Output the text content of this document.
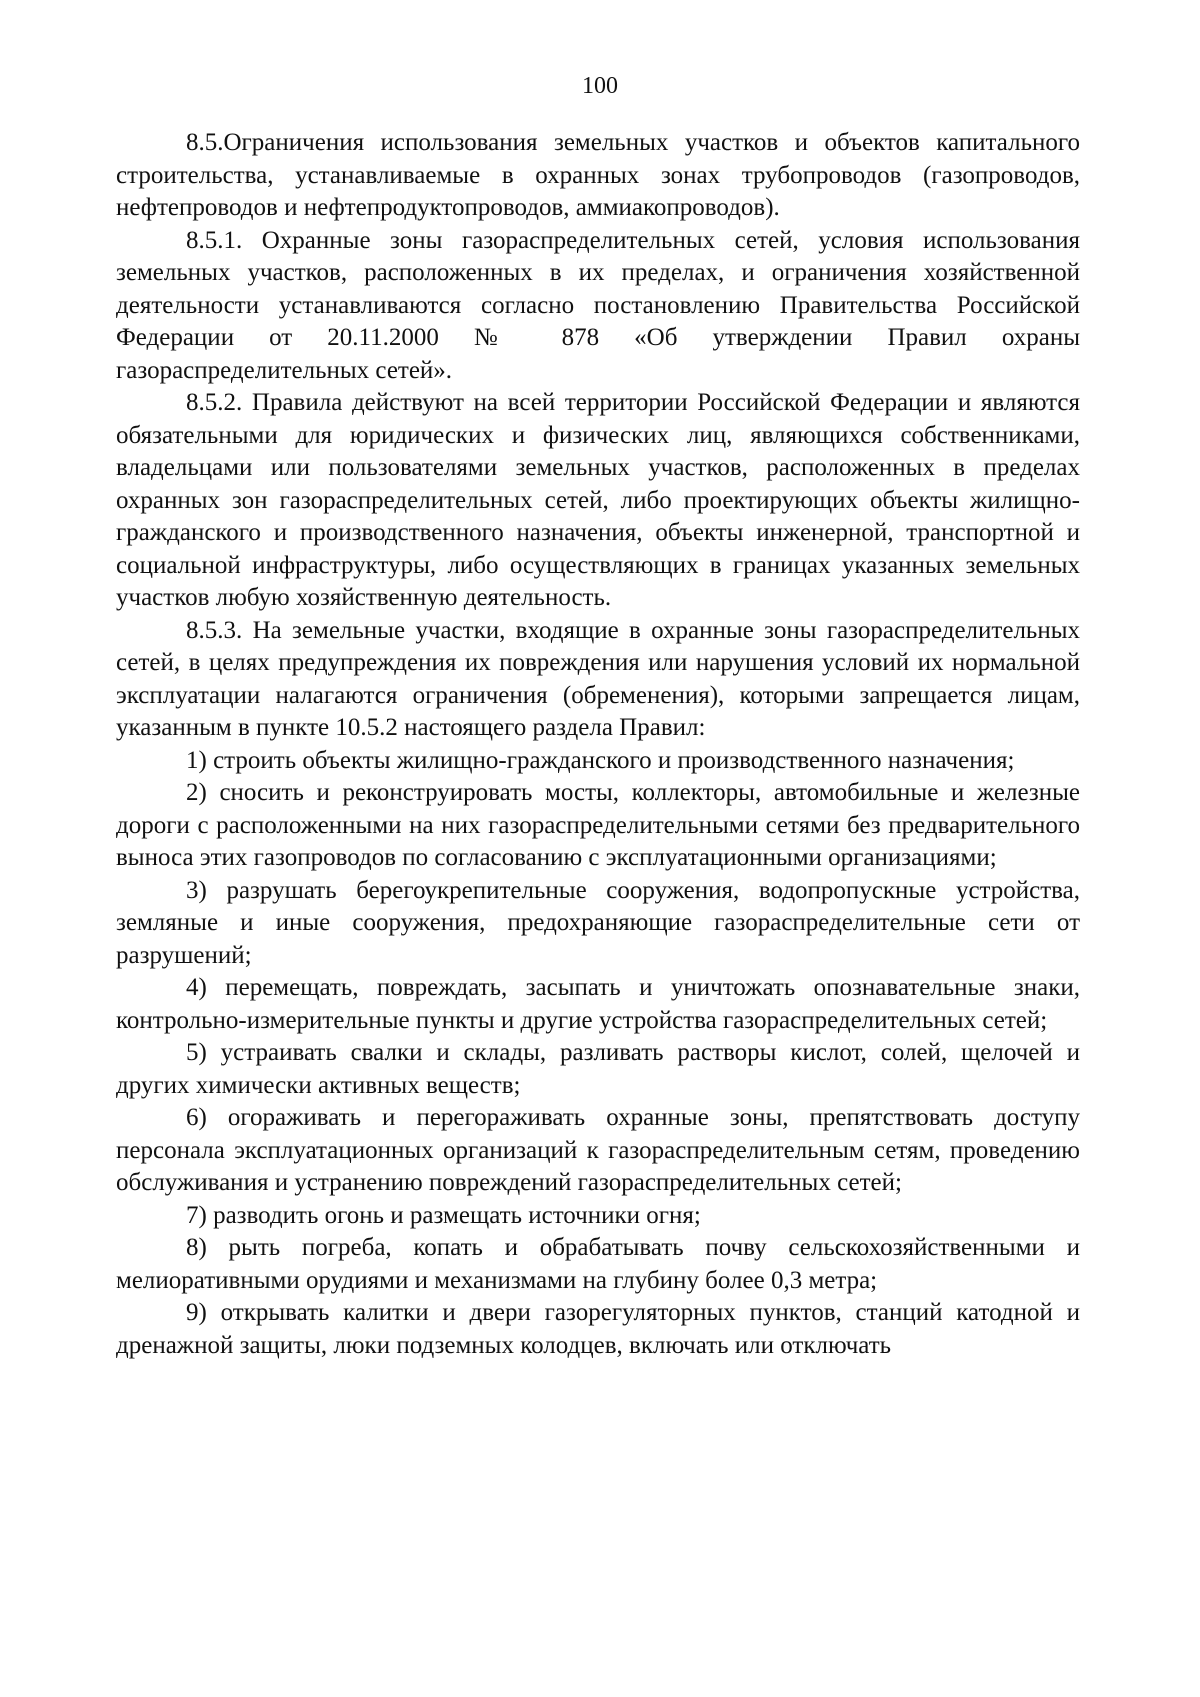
100

8.5.Ограничения использования земельных участков и объектов капитального строительства, устанавливаемые в охранных зонах трубопроводов (газопроводов, нефтепроводов и нефтепродуктопроводов, аммиакопроводов).

8.5.1. Охранные зоны газораспределительных сетей, условия использования земельных участков, расположенных в их пределах, и ограничения хозяйственной деятельности устанавливаются согласно постановлению Правительства Российской Федерации от 20.11.2000 № 878 «Об утверждении Правил охраны газораспределительных сетей».

8.5.2. Правила действуют на всей территории Российской Федерации и являются обязательными для юридических и физических лиц, являющихся собственниками, владельцами или пользователями земельных участков, расположенных в пределах охранных зон газораспределительных сетей, либо проектирующих объекты жилищно-гражданского и производственного назначения, объекты инженерной, транспортной и социальной инфраструктуры, либо осуществляющих в границах указанных земельных участков любую хозяйственную деятельность.

8.5.3. На земельные участки, входящие в охранные зоны газораспределительных сетей, в целях предупреждения их повреждения или нарушения условий их нормальной эксплуатации налагаются ограничения (обременения), которыми запрещается лицам, указанным в пункте 10.5.2 настоящего раздела Правил:

1) строить объекты жилищно-гражданского и производственного назначения;

2) сносить и реконструировать мосты, коллекторы, автомобильные и железные дороги с расположенными на них газораспределительными сетями без предварительного выноса этих газопроводов по согласованию с эксплуатационными организациями;

3) разрушать берегоукрепительные сооружения, водопропускные устройства, земляные и иные сооружения, предохраняющие газораспределительные сети от разрушений;

4) перемещать, повреждать, засыпать и уничтожать опознавательные знаки, контрольно-измерительные пункты и другие устройства газораспределительных сетей;

5) устраивать свалки и склады, разливать растворы кислот, солей, щелочей и других химически активных веществ;

6) огораживать и перегораживать охранные зоны, препятствовать доступу персонала эксплуатационных организаций к газораспределительным сетям, проведению обслуживания и устранению повреждений газораспределительных сетей;

7) разводить огонь и размещать источники огня;

8) рыть погреба, копать и обрабатывать почву сельскохозяйственными и мелиоративными орудиями и механизмами на глубину более 0,3 метра;

9) открывать калитки и двери газорегуляторных пунктов, станций катодной и дренажной защиты, люки подземных колодцев, включать или отключать
